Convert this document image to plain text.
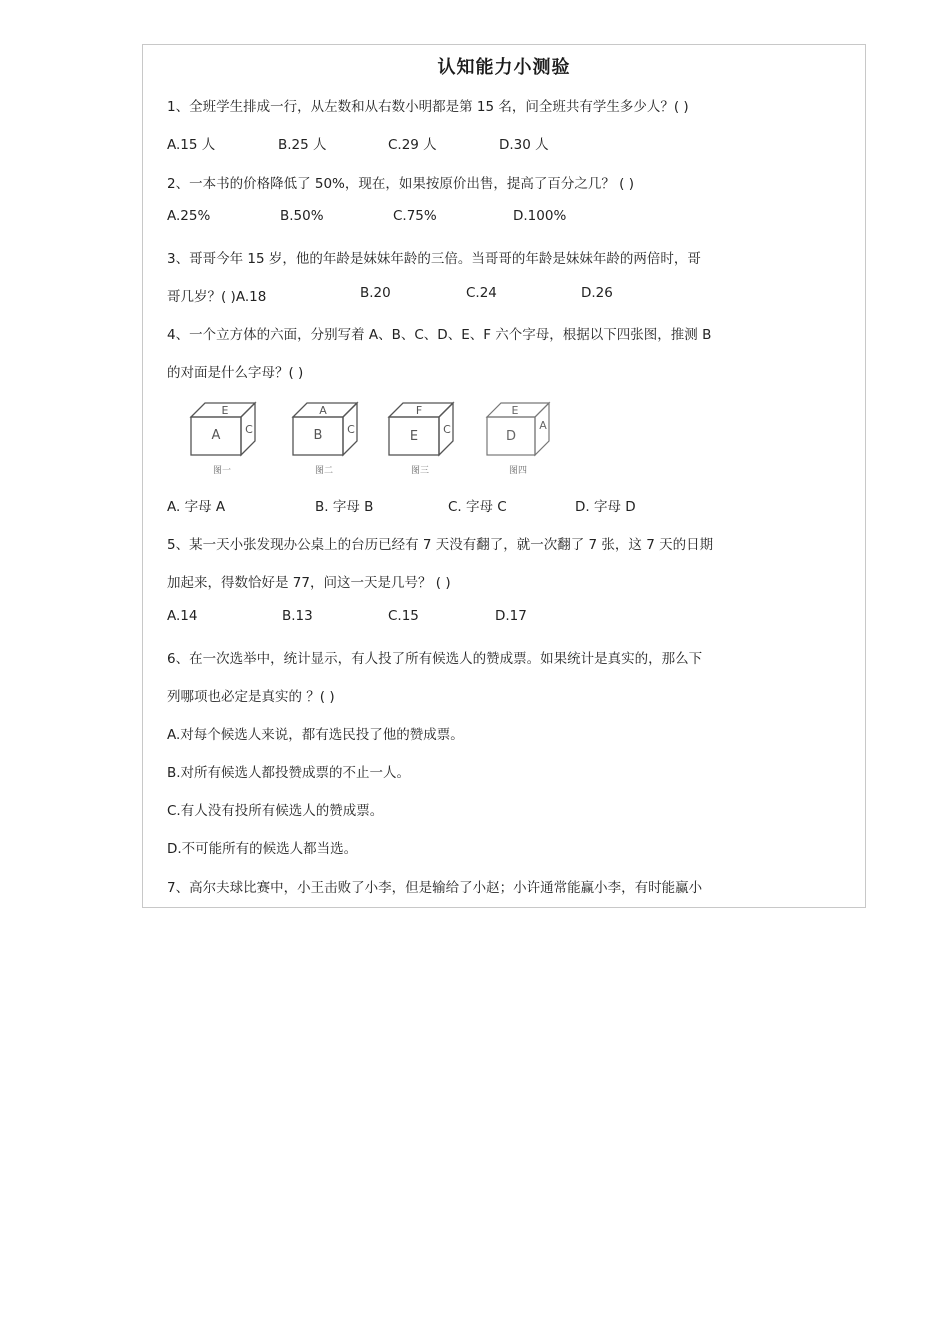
认知能力小测验
1、全班学生排成一行，从左数和从右数小明都是第 15 名，问全班共有学生多少人？( )
A.15 人	B.25 人	C.29 人	D.30 人
2、一本书的价格降低了 50%，现在，如果按原价出售，提高了百分之几？ ( )
A.25%	B.50%	C.75%	D.100%
3、哥哥今年 15 岁，他的年龄是妹妹年龄的三倍。当哥哥的年龄是妹妹年龄的两倍时，哥
哥几岁？( )A.18	B.20	C.24	D.26
4、一个立方体的六面，分别写着 A、B、C、D、E、F 六个字母，根据以下四张图，推测 B
的对面是什么字母？( )
A
E
C
图一
B
A
C
图二
E
F
C
图三
D
E
A
图四
A. 字母 A	B. 字母 B	C. 字母 C	D. 字母 D
5、某一天小张发现办公桌上的台历已经有 7 天没有翻了，就一次翻了 7 张，这 7 天的日期
加起来，得数恰好是 77，问这一天是几号？ ( )
A.14	B.13	C.15	D.17
6、在一次选举中，统计显示，有人投了所有候选人的赞成票。如果统计是真实的，那么下
列哪项也必定是真实的 ？( )
A.对每个候选人来说，都有选民投了他的赞成票。
B.对所有候选人都投赞成票的不止一人。
C.有人没有投所有候选人的赞成票。
D.不可能所有的候选人都当选。
7、高尔夫球比赛中，小王击败了小李，但是输给了小赵；小许通常能赢小李，有时能赢小
